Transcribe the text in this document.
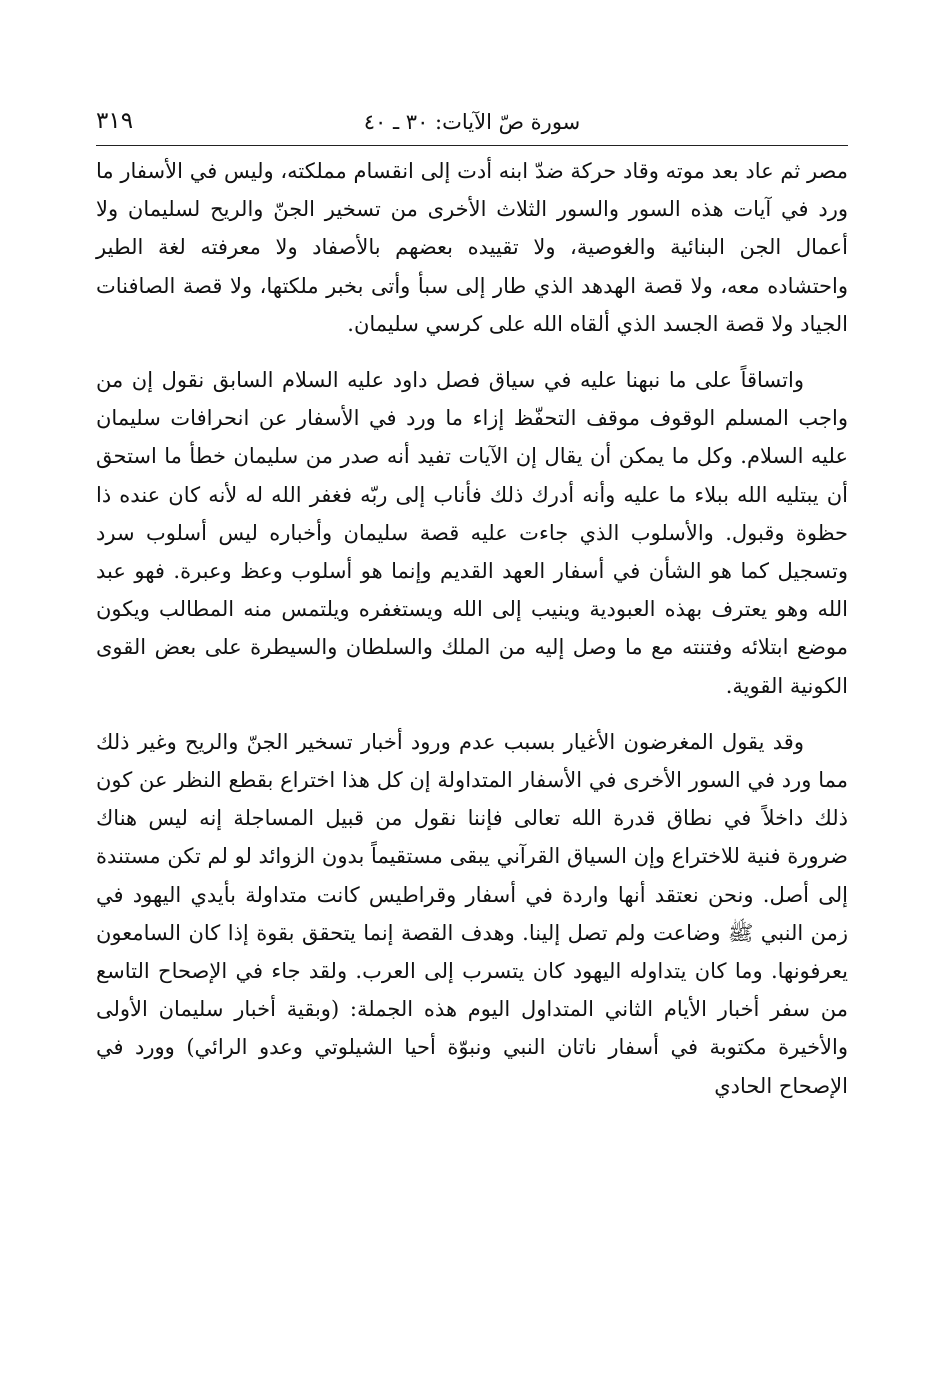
سورة صّ الآيات: ٣٠ ـ ٤٠
٣١٩

مصر ثم عاد بعد موته وقاد حركة ضدّ ابنه أدت إلى انقسام مملكته، وليس في الأسفار ما ورد في آيات هذه السور والسور الثلاث الأخرى من تسخير الجنّ والريح لسليمان ولا أعمال الجن البنائية والغوصية، ولا تقييده بعضهم بالأصفاد ولا معرفته لغة الطير واحتشاده معه، ولا قصة الهدهد الذي طار إلى سبأ وأتى بخبر ملكتها، ولا قصة الصافنات الجياد ولا قصة الجسد الذي ألقاه الله على كرسي سليمان.

واتساقاً على ما نبهنا عليه في سياق فصل داود عليه السلام السابق نقول إن من واجب المسلم الوقوف موقف التحفّظ إزاء ما ورد في الأسفار عن انحرافات سليمان عليه السلام. وكل ما يمكن أن يقال إن الآيات تفيد أنه صدر من سليمان خطأ ما استحق أن يبتليه الله ببلاء ما عليه وأنه أدرك ذلك فأناب إلى ربّه فغفر الله له لأنه كان عنده ذا حظوة وقبول. والأسلوب الذي جاءت عليه قصة سليمان وأخباره ليس أسلوب سرد وتسجيل كما هو الشأن في أسفار العهد القديم وإنما هو أسلوب وعظ وعبرة. فهو عبد الله وهو يعترف بهذه العبودية وينيب إلى الله ويستغفره ويلتمس منه المطالب ويكون موضع ابتلائه وفتنته مع ما وصل إليه من الملك والسلطان والسيطرة على بعض القوى الكونية القوية.

وقد يقول المغرضون الأغيار بسبب عدم ورود أخبار تسخير الجنّ والريح وغير ذلك مما ورد في السور الأخرى في الأسفار المتداولة إن كل هذا اختراع بقطع النظر عن كون ذلك داخلاً في نطاق قدرة الله تعالى فإننا نقول من قبيل المساجلة إنه ليس هناك ضرورة فنية للاختراع وإن السياق القرآني يبقى مستقيماً بدون الزوائد لو لم تكن مستندة إلى أصل. ونحن نعتقد أنها واردة في أسفار وقراطيس كانت متداولة بأيدي اليهود في زمن النبي ﷺ وضاعت ولم تصل إلينا. وهدف القصة إنما يتحقق بقوة إذا كان السامعون يعرفونها. وما كان يتداوله اليهود كان يتسرب إلى العرب. ولقد جاء في الإصحاح التاسع من سفر أخبار الأيام الثاني المتداول اليوم هذه الجملة: (وبقية أخبار سليمان الأولى والأخيرة مكتوبة في أسفار ناتان النبي ونبوّة أحيا الشيلوتي وعدو الرائي) وورد في الإصحاح الحادي
